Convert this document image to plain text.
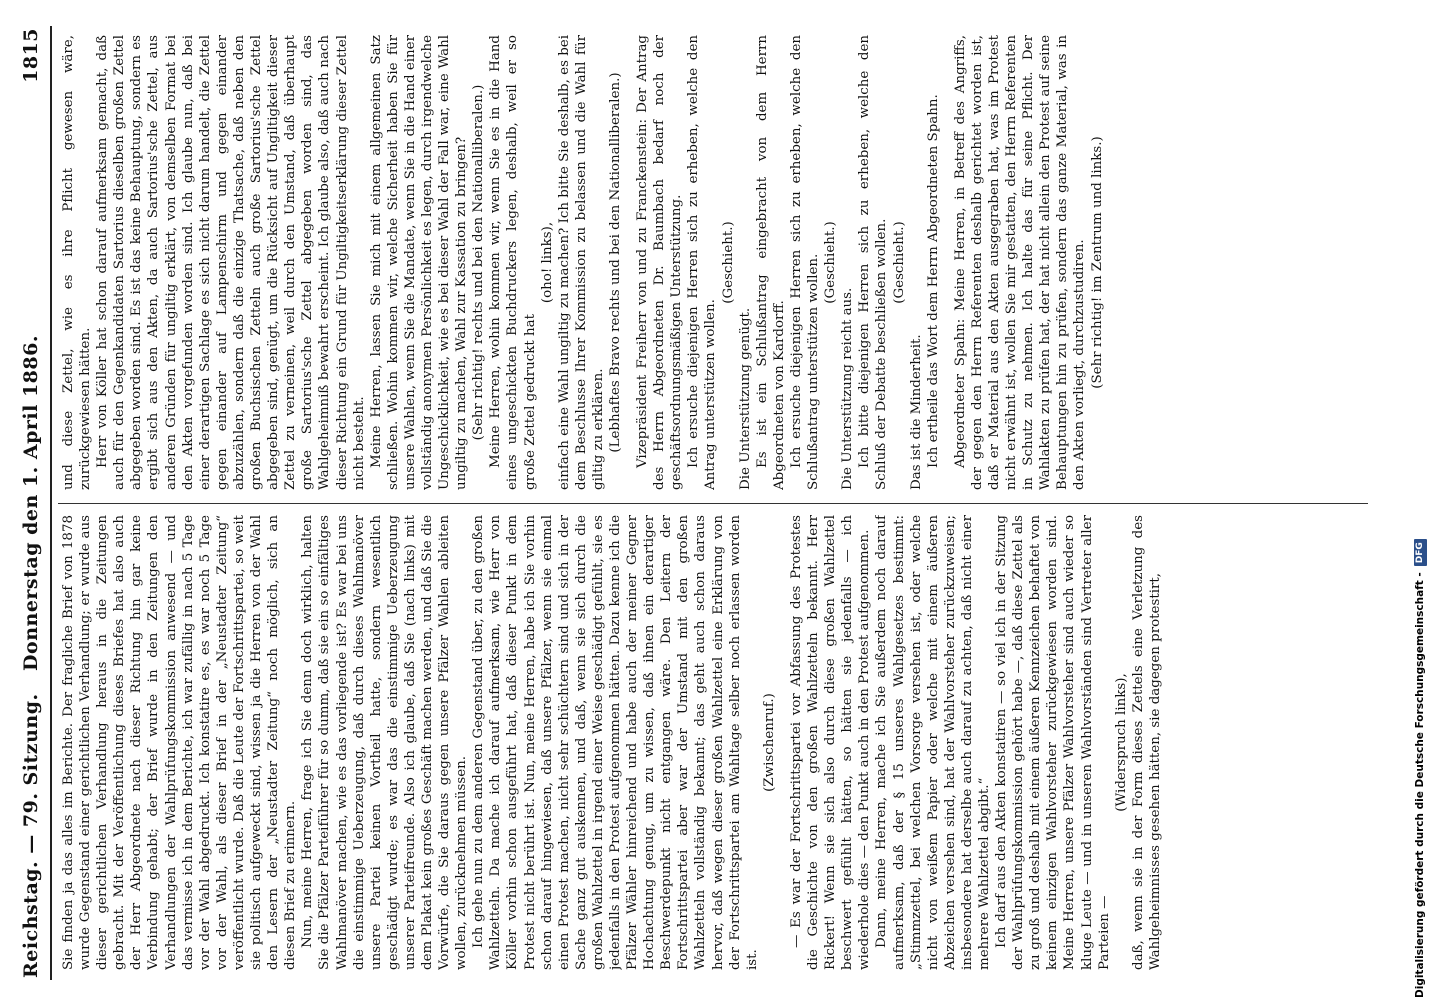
Reichstag. — 79. Sitzung.
Donnerstag den 1. April 1886.
1815

Sie finden ja das alles im Berichte. Der fragliche Brief von 1878 wurde Gegenstand einer gerichtlichen Verhandlung; er wurde aus dieser gerichtlichen Verhandlung heraus in die Zeitungen gebracht. Mit der Veröffentlichung dieses Briefes hat also auch der Herr Abgeordnete nach dieser Richtung hin gar keine Verbindung gehabt; der Brief wurde in den Zeitungen den Verhandlungen der Wahlprüfungskommission anwesend — und das vermisse ich in dem Berichte, ich war zufällig in nach 5 Tage vor der Wahl abgedruckt. Ich konstatire es, es war noch 5 Tage vor der Wahl, als dieser Brief in der „Neustadter Zeitung“ veröffentlicht wurde. Daß die Leute der Fortschrittspartei, so weit sie politisch aufgeweckt sind, wissen ja die Herren von der Wahl den Lesern der „Neustadter Zeitung“ noch möglich, sich an diesen Brief zu erinnern. Nun, meine Herren, frage ich Sie denn doch wirklich, halten Sie die Pfälzer Parteiführer für so dumm, daß sie ein so einfältiges Wahlmanöver machen, wie es das vorliegende ist? Es war bei uns die einstimmige Ueberzeugung, daß durch dieses Wahlmanöver unsere Partei keinen Vortheil hatte, sondern wesentlich geschädigt wurde; es war das die einstimmige Ueberzeugung unserer Parteifreunde. Also ich glaube, daß Sie (nach links) mit dem Plakat kein großes Geschäft machen werden, und daß Sie die Vorwürfe, die Sie daraus gegen unsere Pfälzer Wahlen ableiten wollen, zurücknehmen müssen. Ich gehe nun zu dem anderen Gegenstand über, zu den großen Wahlzetteln. Da mache ich darauf aufmerksam, wie Herr von Köller vorhin schon ausgeführt hat, daß dieser Punkt in dem Protest nicht berührt ist. Nun, meine Herren, habe ich Sie vorhin schon darauf hingewiesen, daß unsere Pfälzer, wenn sie einmal einen Protest machen, nicht sehr schüchtern sind und sich in der Sache ganz gut auskennen, und daß, wenn sie sich durch die großen Wahlzettel in irgend einer Weise geschädigt gefühlt, sie es jedenfalls in den Protest aufgenommen hätten. Dazu kenne ich die Pfälzer Wähler hinreichend und habe auch der meiner Gegner Hochachtung genug, um zu wissen, daß ihnen ein derartiger Beschwerdepunkt nicht entgangen wäre. Den Leitern der Fortschrittspartei aber war der Umstand mit den großen Wahlzetteln vollständig bekannt; das geht auch schon daraus hervor, daß wegen dieser großen Wahlzettel eine Erklärung von der Fortschrittspartei am Wahltage selber noch erlassen worden ist.

(Zwischenruf.) — Es war der Fortschrittspartei vor Abfassung des Protestes die Geschichte von den großen Wahlzetteln bekannt. Herr Rickert! Wenn sie sich also durch diese großen Wahlzettel beschwert gefühlt hätten, so hätten sie jedenfalls — ich wiederhole dies — den Punkt auch in den Protest aufgenommen. Dann, meine Herren, mache ich Sie außerdem noch darauf aufmerksam, daß der § 15 unseres Wahlgesetzes bestimmt: „Stimmzettel, bei welchen Vorsorge versehen ist, oder welche nicht von weißem Papier oder welche mit einem äußeren Abzeichen versehen sind, hat der Wahlvorsteher zurückzuweisen; insbesondere hat derselbe auch darauf zu achten, daß nicht einer mehrere Wahlzettel abgibt.“ Ich darf aus den Akten konstatiren — so viel ich in der Sitzung der Wahlprüfungskommission gehört habe —, daß diese Zettel als zu groß und deshalb mit einem äußeren Kennzeichen behaftet von keinem einzigen Wahlvorsteher zurückgewiesen worden sind. Meine Herren, unsere Pfälzer Wahlvorsteher sind auch wieder so kluge Leute — und in unseren Wahlvorständen sind Vertreter aller Parteien —

(Widerspruch links), daß, wenn sie in der Form dieses Zettels eine Verletzung des Wahlgeheimnisses gesehen hätten, sie dagegen protestirt,

und diese Zettel, wie es ihre Pflicht gewesen wäre, zurückgewiesen hätten. Herr von Köller hat schon darauf aufmerksam gemacht, daß auch für den Gegenkandidaten Sartorius dieselben großen Zettel abgegeben worden sind. Es ist das keine Behauptung, sondern es ergibt sich aus den Akten, da auch Sartorius'sche Zettel, aus anderen Gründen für ungiltig erklärt, von demselben Format bei den Akten vorgefunden worden sind. Ich glaube nun, daß bei einer derartigen Sachlage es sich nicht darum handelt, die Zettel gegen einander auf Lampenschirm und gegen einander abzuzählen, sondern daß die einzige Thatsache, daß neben den großen Buchsischen Zetteln auch große Sartorius'sche Zettel abgegeben sind, genügt, um die Rücksicht auf Ungiltigkeit dieser Zettel zu verneinen, weil durch den Umstand, daß überhaupt große Sartorius'sche Zettel abgegeben worden sind, das Wahlgeheimniß bewahrt erscheint. Ich glaube also, daß auch nach dieser Richtung ein Grund für Ungiltigkeitserklärung dieser Zettel nicht besteht. Meine Herren, lassen Sie mich mit einem allgemeinen Satz schließen. Wohin kommen wir, welche Sicherheit haben Sie für unsere Wahlen, wenn Sie die Mandate, wenn Sie in die Hand einer vollständig anonymen Persönlichkeit es legen, durch irgendwelche Ungeschicklichkeit, wie es bei dieser Wahl der Fall war, eine Wahl ungiltig zu machen, Wahl zur Kassation zu bringen? (Sehr richtig! rechts und bei den Nationalliberalen.) Meine Herren, wohin kommen wir, wenn Sie es in die Hand eines ungeschickten Buchdruckers legen, deshalb, weil er so große Zettel gedruckt hat

(oho! links), einfach eine Wahl ungiltig zu machen? Ich bitte Sie deshalb, es bei dem Beschlusse Ihrer Kommission zu belassen und die Wahl für giltig zu erklären. (Lebhaftes Bravo rechts und bei den Nationalliberalen.) Vizepräsident Freiherr von und zu Franckenstein: Der Antrag des Herrn Abgeordneten Dr. Baumbach bedarf noch der geschäftsordnungsmäßigen Unterstützung. Ich ersuche diejenigen Herren sich zu erheben, welche den Antrag unterstützen wollen.

(Geschieht.)

Die Unterstützung genügt. Es ist ein Schlußantrag eingebracht von dem Herrn Abgeordneten von Kardorff. Ich ersuche diejenigen Herren sich zu erheben, welche den Schlußantrag unterstützen wollen. (Geschieht.)

Die Unterstützung reicht aus. Ich bitte diejenigen Herren sich zu erheben, welche den Schluß der Debatte beschließen wollen. (Geschieht.)

Das ist die Minderheit. Ich ertheile das Wort dem Herrn Abgeordneten Spahn. Abgeordneter Spahn: Meine Herren, in Betreff des Angriffs, der gegen den Herrn Referenten deshalb gerichtet worden ist, daß er Material aus den Akten ausgegraben hat, was im Protest nicht erwähnt ist, wollen Sie mir gestatten, den Herrn Referenten in Schutz zu nehmen. Ich halte das für seine Pflicht. Der Wahlakten zu prüfen hat, der hat nicht allein den Protest auf seine Behauptungen hin zu prüfen, sondern das ganze Material, was in den Akten vorliegt, durchzustudiren. (Sehr richtig! im Zentrum und links.)

Digitalisierung gefördert durch die Deutsche Forschungsgemeinschaft -
DFG
